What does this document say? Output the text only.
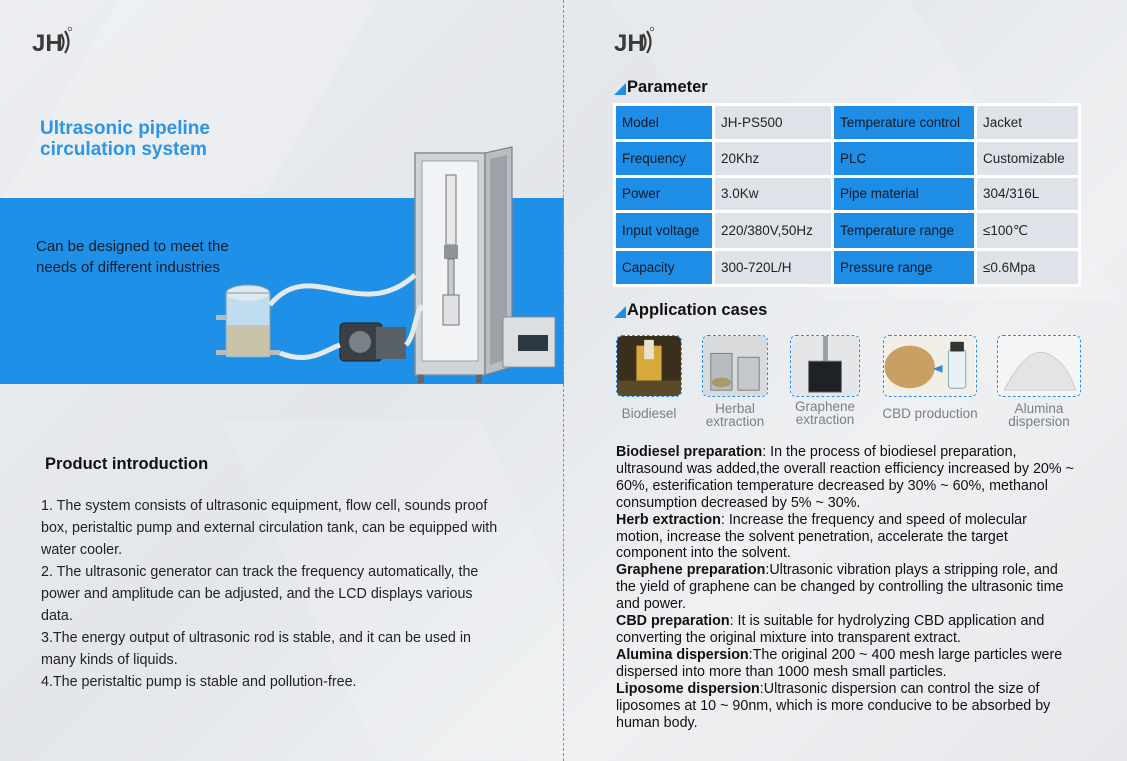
JH
Ultrasonic pipeline circulation system
Can be designed to meet the needs of different industries
Product introduction
1. The system consists of ultrasonic equipment, flow cell, sounds proof box, peristaltic pump and external circulation tank, can be equipped with water cooler.
2. The ultrasonic generator can track the frequency automatically, the power and amplitude can be adjusted, and the LCD displays various data.
3.The energy output of ultrasonic rod is stable, and it can be used in many kinds of liquids.
4.The peristaltic pump is stable and pollution-free.
JH
Parameter
Model	JH-PS500	Temperature control	Jacket
Frequency	20Khz	PLC	Customizable
Power	3.0Kw	Pipe material	304/316L
Input voltage	220/380V,50Hz	Temperature range	≤100℃
Capacity	300-720L/H	Pressure range	≤0.6Mpa
Application cases
Biodiesel	Herbal extraction
Graphene extraction	CBD production	Alumina dispersion

Biodiesel preparation: In the process of biodiesel preparation, ultrasound was added,the overall reaction efficiency increased by 20% ~ 60%, esterification temperature decreased by 30% ~ 60%, methanol consumption decreased by 5% ~ 30%.

Herb extraction: Increase the frequency and speed of molecular motion, increase the solvent penetration, accelerate the target component into the solvent.

Graphene preparation:Ultrasonic vibration plays a stripping role, and the yield of graphene can be changed by controlling the ultrasonic time and power.

CBD preparation: It is suitable for hydrolyzing CBD application and converting the original mixture into transparent extract.

Alumina dispersion:The original 200 ~ 400 mesh large particles were dispersed into more than 1000 mesh small particles.

Liposome dispersion:Ultrasonic dispersion can control the size of liposomes at 10 ~ 90nm, which is more conducive to be absorbed by human body.
